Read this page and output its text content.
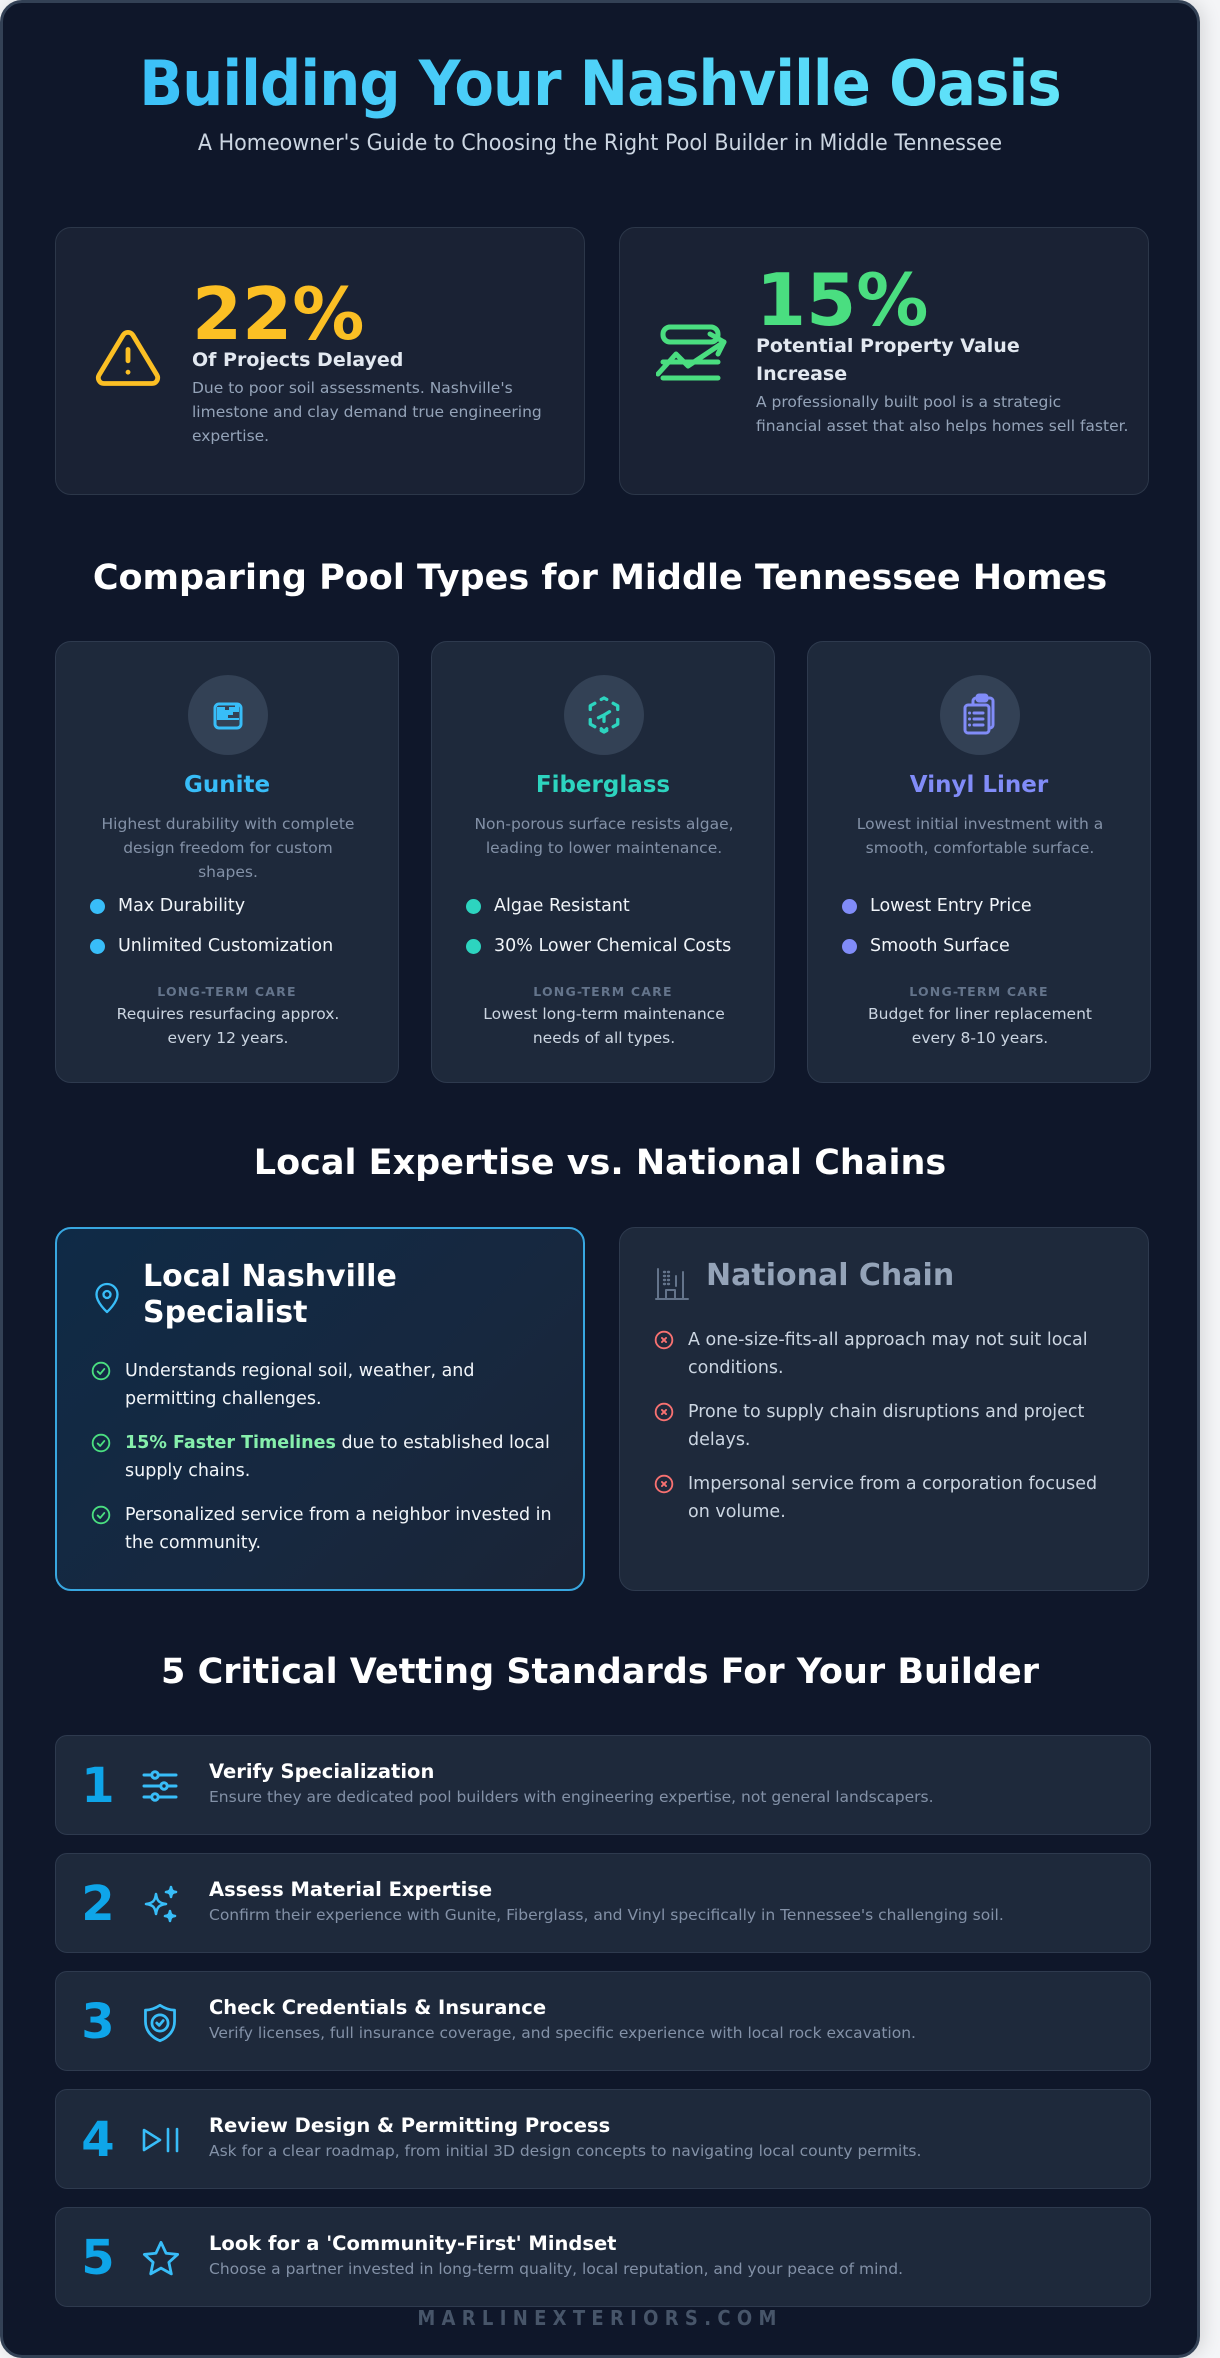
Building Your Nashville Oasis
A Homeowner's Guide to Choosing the Right Pool Builder in Middle Tennessee
22%
Of Projects Delayed
Due to poor soil assessments. Nashville's limestone and clay demand true engineering expertise.
15%
Potential Property Value Increase
A professionally built pool is a strategic financial asset that also helps homes sell faster.
Comparing Pool Types for Middle Tennessee Homes
Gunite
Highest durability with complete design freedom for custom shapes.
Max Durability
Unlimited Customization
LONG-TERM CARE
Requires resurfacing approx. every 12 years.
Fiberglass
Non-porous surface resists algae, leading to lower maintenance.
Algae Resistant
30% Lower Chemical Costs
LONG-TERM CARE
Lowest long-term maintenance needs of all types.
Vinyl Liner
Lowest initial investment with a smooth, comfortable surface.
Lowest Entry Price
Smooth Surface
LONG-TERM CARE
Budget for liner replacement every 8-10 years.
Local Expertise vs. National Chains
Local Nashville Specialist
Understands regional soil, weather, and permitting challenges.
15% Faster Timelines due to established local supply chains.
Personalized service from a neighbor invested in the community.
National Chain
A one-size-fits-all approach may not suit local conditions.
Prone to supply chain disruptions and project delays.
Impersonal service from a corporation focused on volume.
5 Critical Vetting Standards For Your Builder
1	Verify Specialization
Ensure they are dedicated pool builders with engineering expertise, not general landscapers.
2	Assess Material Expertise
Confirm their experience with Gunite, Fiberglass, and Vinyl specifically in Tennessee's challenging soil.
3	Check Credentials & Insurance
Verify licenses, full insurance coverage, and specific experience with local rock excavation.
4	Review Design & Permitting Process
Ask for a clear roadmap, from initial 3D design concepts to navigating local county permits.
5	Look for a 'Community-First' Mindset
Choose a partner invested in long-term quality, local reputation, and your peace of mind.
MARLINEXTERIORS.COM
